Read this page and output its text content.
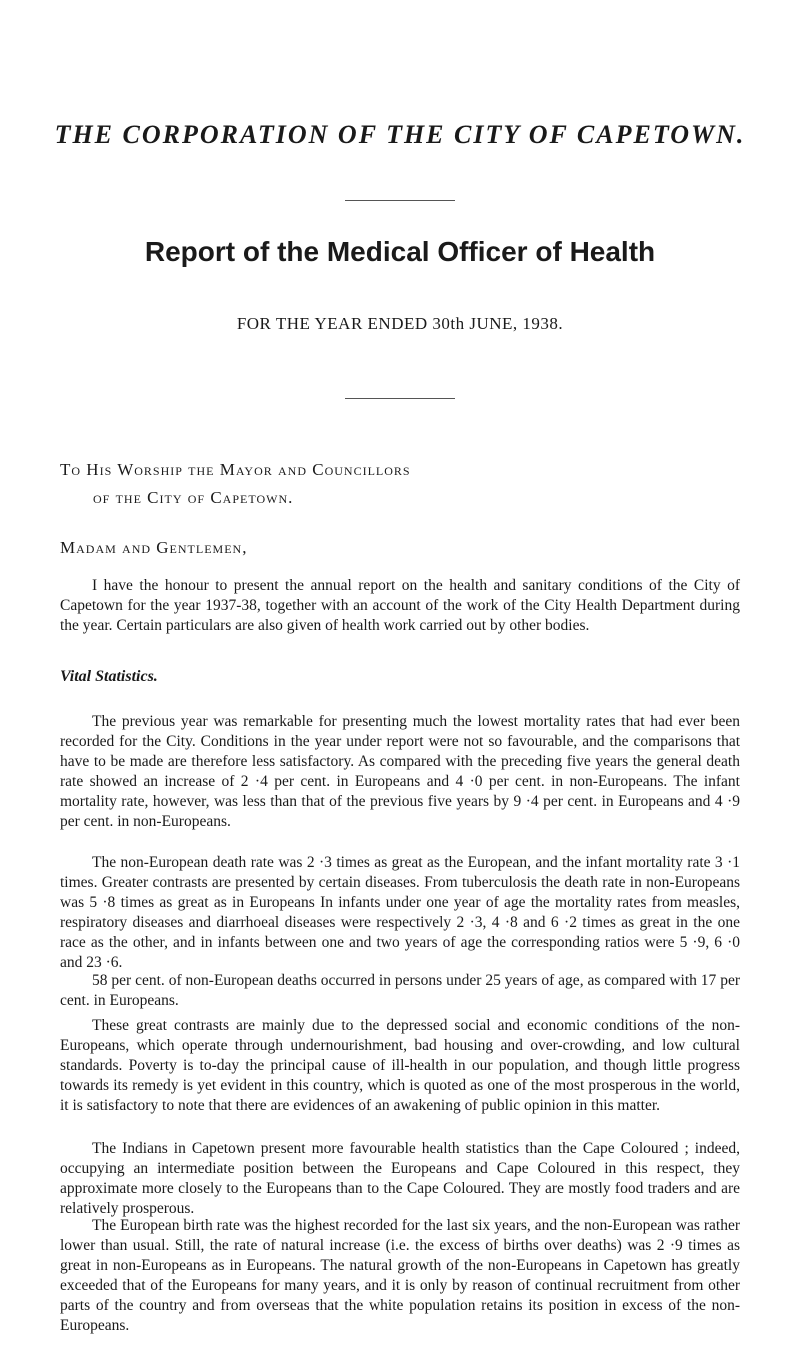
THE CORPORATION OF THE CITY OF CAPETOWN.
Report of the Medical Officer of Health
FOR THE YEAR ENDED 30th JUNE, 1938.
To His Worship the Mayor and Councillors
of the City of Capetown.
Madam and Gentlemen,

I have the honour to present the annual report on the health and sanitary conditions of the City of Capetown for the year 1937-38, together with an account of the work of the City Health Department during the year. Certain particulars are also given of health work carried out by other bodies.

Vital Statistics.

The previous year was remarkable for presenting much the lowest mortality rates that had ever been recorded for the City. Conditions in the year under report were not so favourable, and the comparisons that have to be made are therefore less satisfactory. As compared with the preceding five years the general death rate showed an increase of 2 ·4 per cent. in Europeans and 4 ·0 per cent. in non-Europeans. The infant mortality rate, however, was less than that of the previous five years by 9 ·4 per cent. in Europeans and 4 ·9 per cent. in non-Europeans.

The non-European death rate was 2 ·3 times as great as the European, and the infant mortality rate 3 ·1 times. Greater contrasts are presented by certain diseases. From tuberculosis the death rate in non-Europeans was 5 ·8 times as great as in Europeans In infants under one year of age the mortality rates from measles, respiratory diseases and diarrhoeal diseases were respectively 2 ·3, 4 ·8 and 6 ·2 times as great in the one race as the other, and in infants between one and two years of age the corresponding ratios were 5 ·9, 6 ·0 and 23 ·6.

58 per cent. of non-European deaths occurred in persons under 25 years of age, as compared with 17 per cent. in Europeans.

These great contrasts are mainly due to the depressed social and economic conditions of the non-Europeans, which operate through undernourishment, bad housing and over-crowding, and low cultural standards. Poverty is to-day the principal cause of ill-health in our population, and though little progress towards its remedy is yet evident in this country, which is quoted as one of the most prosperous in the world, it is satisfactory to note that there are evidences of an awakening of public opinion in this matter.

The Indians in Capetown present more favourable health statistics than the Cape Coloured ; indeed, occupying an intermediate position between the Europeans and Cape Coloured in this respect, they approximate more closely to the Europeans than to the Cape Coloured. They are mostly food traders and are relatively prosperous.

The European birth rate was the highest recorded for the last six years, and the non-European was rather lower than usual. Still, the rate of natural increase (i.e. the excess of births over deaths) was 2 ·9 times as great in non-Europeans as in Europeans. The natural growth of the non-Europeans in Capetown has greatly exceeded that of the Europeans for many years, and it is only by reason of continual recruitment from other parts of the country and from overseas that the white population retains its position in excess of the non-Europeans.
